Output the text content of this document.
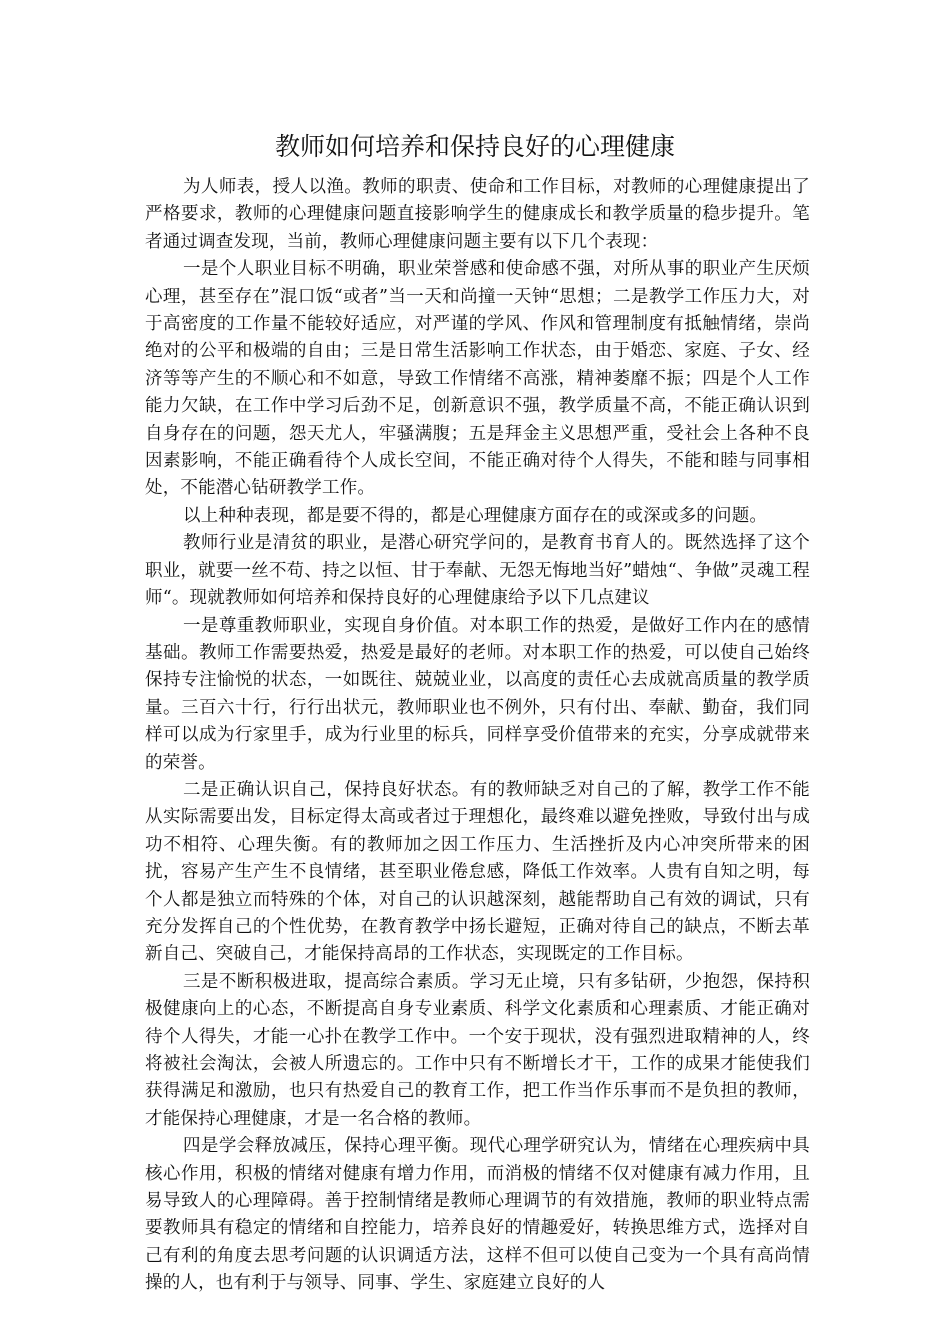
教师如何培养和保持良好的心理健康

为人师表，授人以渔。教师的职责、使命和工作目标，对教师的心理健康提出了严格要求，教师的心理健康问题直接影响学生的健康成长和教学质量的稳步提升。笔者通过调查发现，当前，教师心理健康问题主要有以下几个表现：

一是个人职业目标不明确，职业荣誉感和使命感不强，对所从事的职业产生厌烦心理，甚至存在”混口饭“或者”当一天和尚撞一天钟“思想；二是教学工作压力大，对于高密度的工作量不能较好适应，对严谨的学风、作风和管理制度有抵触情绪，崇尚绝对的公平和极端的自由；三是日常生活影响工作状态，由于婚恋、家庭、子女、经济等等产生的不顺心和不如意，导致工作情绪不高涨，精神萎靡不振；四是个人工作能力欠缺，在工作中学习后劲不足，创新意识不强，教学质量不高，不能正确认识到自身存在的问题，怨天尤人，牢骚满腹；五是拜金主义思想严重，受社会上各种不良因素影响，不能正确看待个人成长空间，不能正确对待个人得失，不能和睦与同事相处，不能潜心钻研教学工作。

以上种种表现，都是要不得的，都是心理健康方面存在的或深或多的问题。

教师行业是清贫的职业，是潜心研究学问的，是教育书育人的。既然选择了这个职业，就要一丝不苟、持之以恒、甘于奉献、无怨无悔地当好”蜡烛“、争做”灵魂工程师“。现就教师如何培养和保持良好的心理健康给予以下几点建议

一是尊重教师职业，实现自身价值。对本职工作的热爱，是做好工作内在的感情基础。教师工作需要热爱，热爱是最好的老师。对本职工作的热爱，可以使自己始终保持专注愉悦的状态，一如既往、兢兢业业，以高度的责任心去成就高质量的教学质量。三百六十行，行行出状元，教师职业也不例外，只有付出、奉献、勤奋，我们同样可以成为行家里手，成为行业里的标兵，同样享受价值带来的充实，分享成就带来的荣誉。

二是正确认识自己，保持良好状态。有的教师缺乏对自己的了解，教学工作不能从实际需要出发，目标定得太高或者过于理想化，最终难以避免挫败，导致付出与成功不相符、心理失衡。有的教师加之因工作压力、生活挫折及内心冲突所带来的困扰，容易产生产生不良情绪，甚至职业倦怠感，降低工作效率。人贵有自知之明，每个人都是独立而特殊的个体，对自己的认识越深刻，越能帮助自己有效的调试，只有充分发挥自己的个性优势，在教育教学中扬长避短，正确对待自己的缺点，不断去革新自己、突破自己，才能保持高昂的工作状态，实现既定的工作目标。

三是不断积极进取，提高综合素质。学习无止境，只有多钻研，少抱怨，保持积极健康向上的心态，不断提高自身专业素质、科学文化素质和心理素质、才能正确对待个人得失，才能一心扑在教学工作中。一个安于现状，没有强烈进取精神的人，终将被社会淘汰，会被人所遗忘的。工作中只有不断增长才干，工作的成果才能使我们获得满足和激励，也只有热爱自己的教育工作，把工作当作乐事而不是负担的教师，才能保持心理健康，才是一名合格的教师。

四是学会释放减压，保持心理平衡。现代心理学研究认为，情绪在心理疾病中具核心作用，积极的情绪对健康有增力作用，而消极的情绪不仅对健康有减力作用，且易导致人的心理障碍。善于控制情绪是教师心理调节的有效措施，教师的职业特点需要教师具有稳定的情绪和自控能力，培养良好的情趣爱好，转换思维方式，选择对自己有利的角度去思考问题的认识调适方法，这样不但可以使自己变为一个具有高尚情操的人，也有利于与领导、同事、学生、家庭建立良好的人
